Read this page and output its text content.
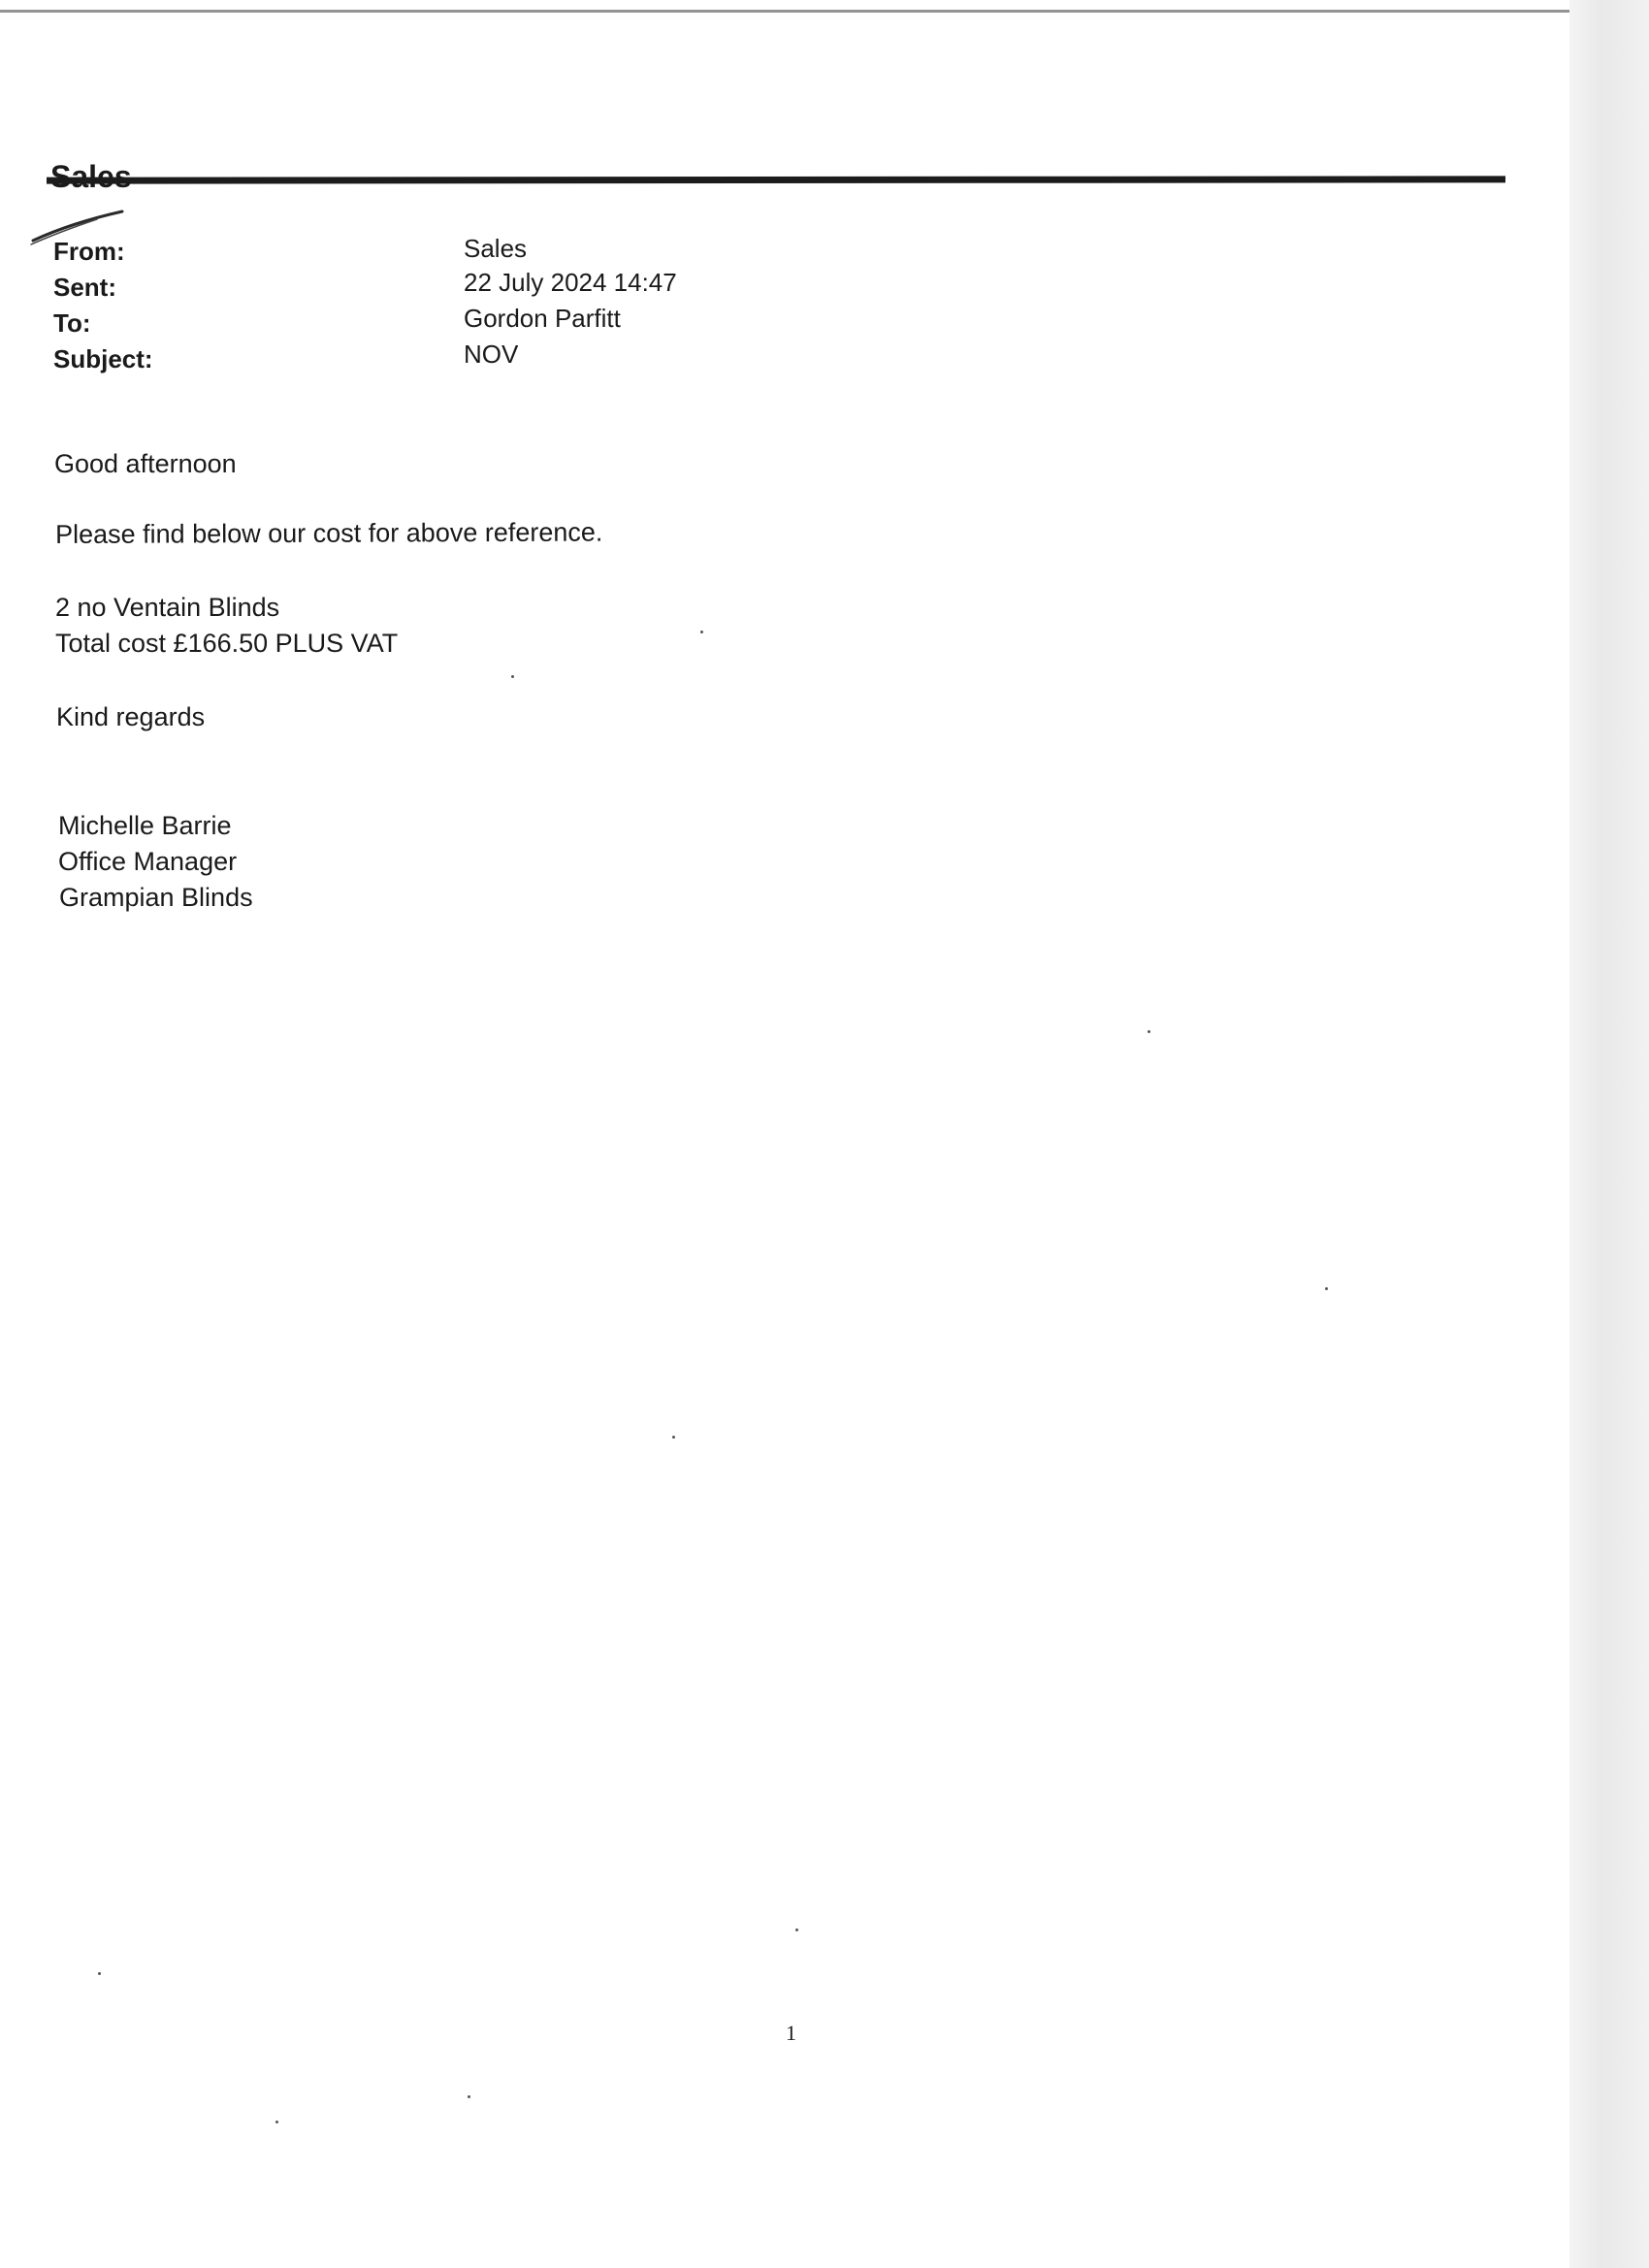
From:	Sales
Sent:	22 July 2024 14:47
To:	Gordon Parfitt
Subject:	NOV
Good afternoon
Please find below our cost for above reference.
2 no Ventain Blinds
Total cost £166.50 PLUS VAT
Kind regards
Michelle Barrie
Office Manager
Grampian Blinds
1
